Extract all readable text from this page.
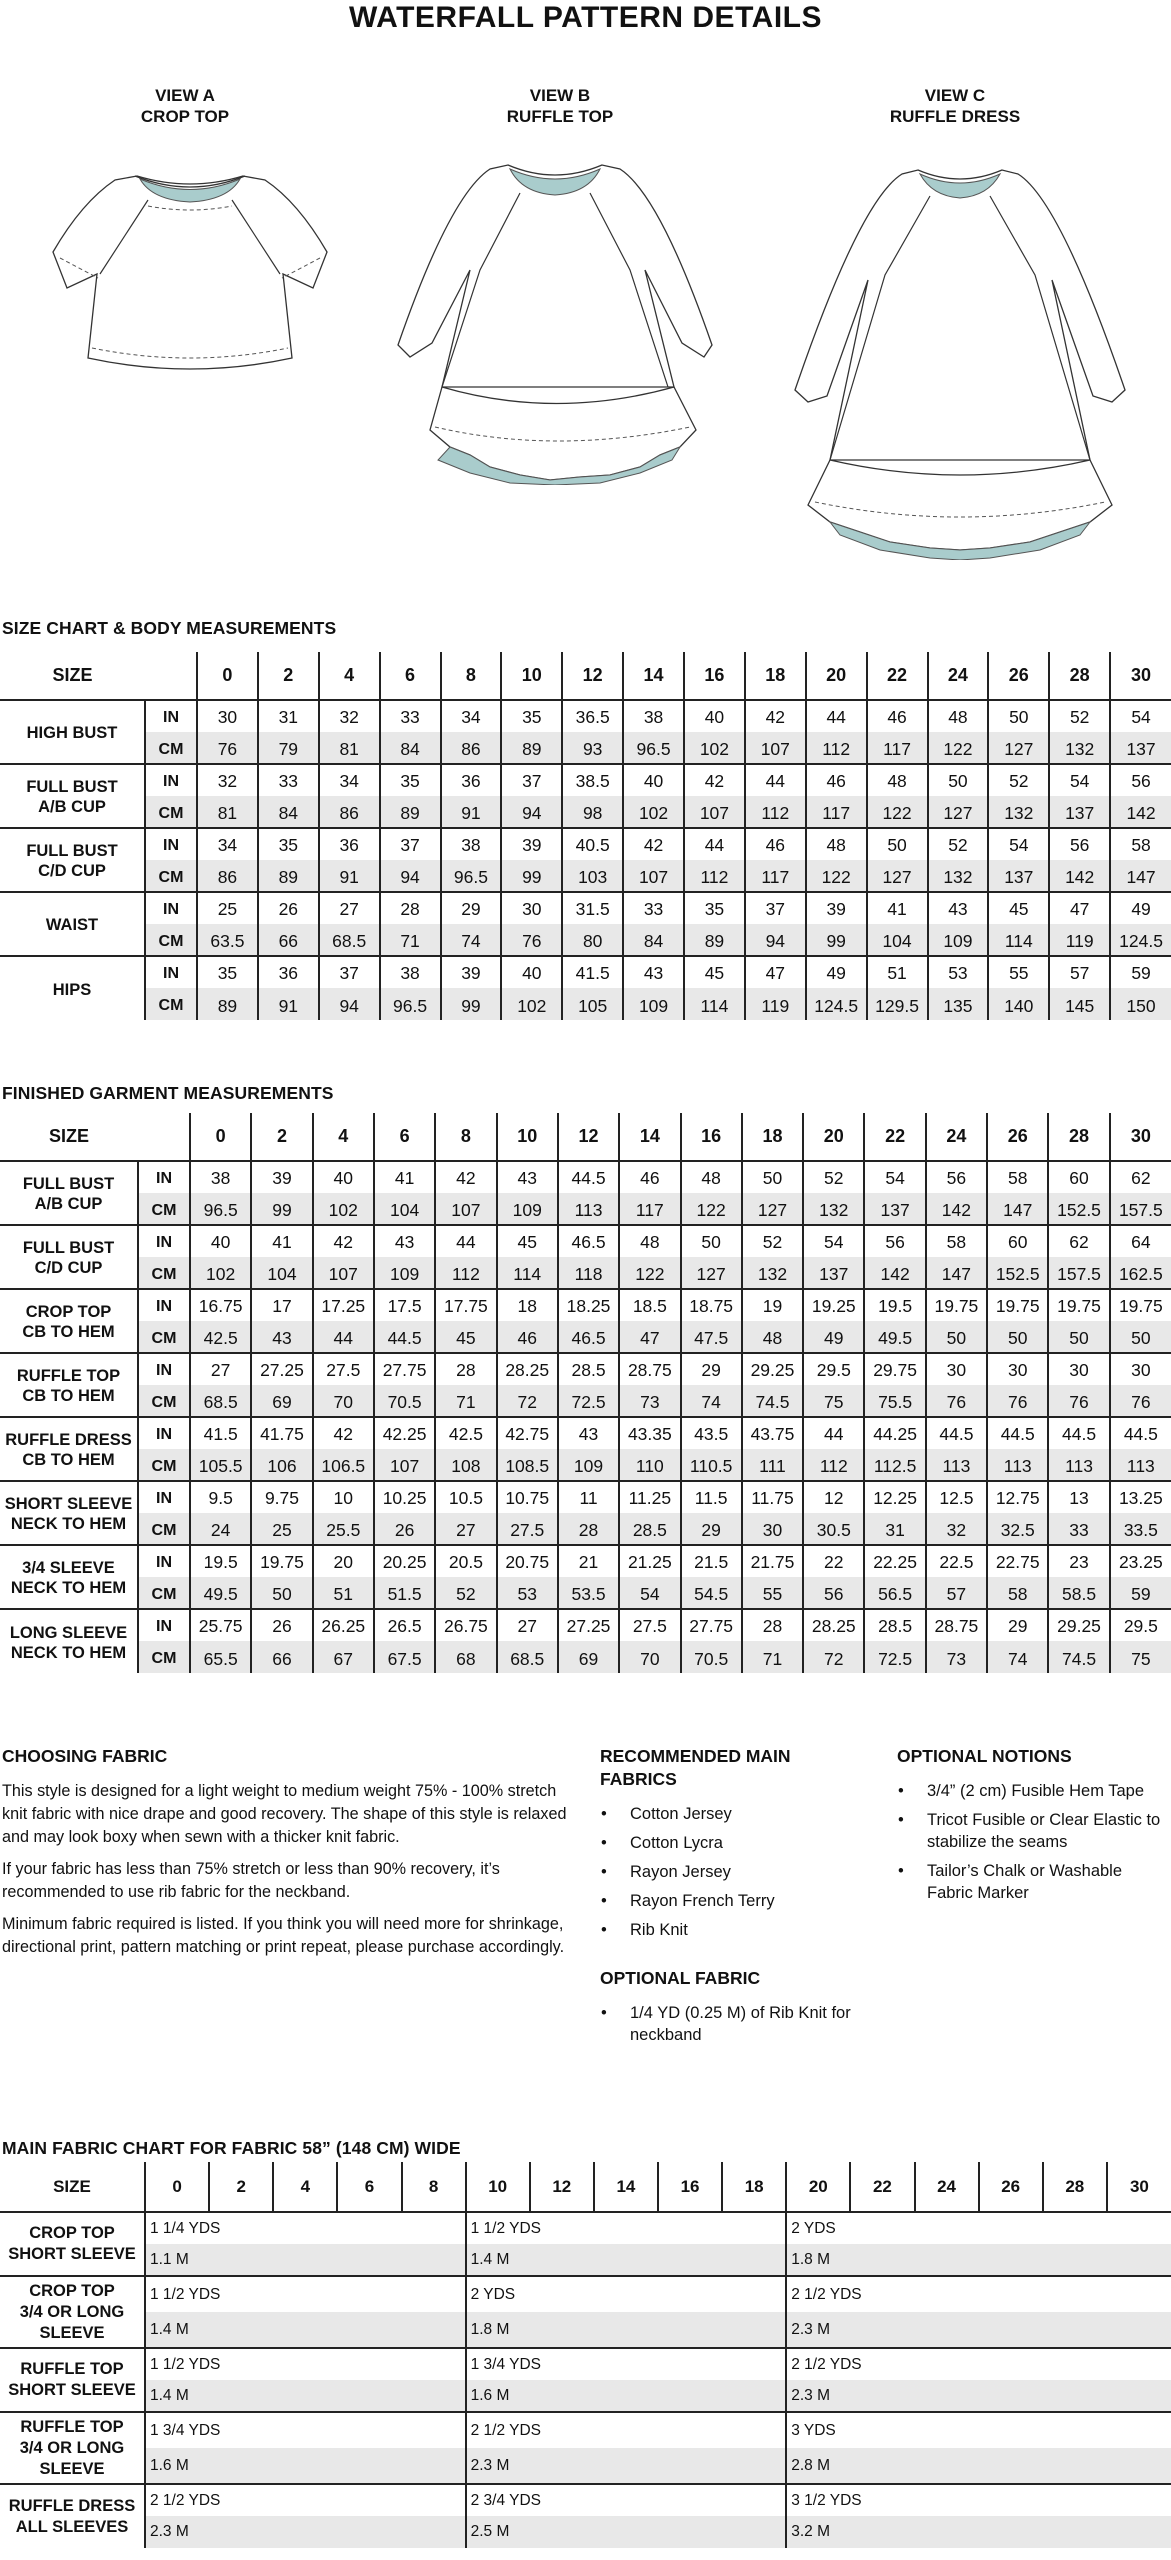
WATERFALL PATTERN DETAILS
VIEW A
CROP TOP
VIEW B
RUFFLE TOP
VIEW C
RUFFLE DRESS
SIZE CHART & BODY MEASUREMENTS
SIZE		0	2	4	6	8	10	12	14	16	18	20	22	24	26	28	30
HIGH BUST	IN	30	31	32	33	34	35	36.5	38	40	42	44	46	48	50	52	54
	CM	76	79	81	84	86	89	93	96.5	102	107	112	117	122	127	132	137
FULL BUST
A/B CUP	IN	32	33	34	35	36	37	38.5	40	42	44	46	48	50	52	54	56
	CM	81	84	86	89	91	94	98	102	107	112	117	122	127	132	137	142
FULL BUST
C/D CUP	IN	34	35	36	37	38	39	40.5	42	44	46	48	50	52	54	56	58
	CM	86	89	91	94	96.5	99	103	107	112	117	122	127	132	137	142	147
WAIST	IN	25	26	27	28	29	30	31.5	33	35	37	39	41	43	45	47	49
	CM	63.5	66	68.5	71	74	76	80	84	89	94	99	104	109	114	119	124.5
HIPS	IN	35	36	37	38	39	40	41.5	43	45	47	49	51	53	55	57	59
	CM	89	91	94	96.5	99	102	105	109	114	119	124.5	129.5	135	140	145	150
FINISHED GARMENT MEASUREMENTS
SIZE		0	2	4	6	8	10	12	14	16	18	20	22	24	26	28	30
FULL BUST
A/B CUP	IN	38	39	40	41	42	43	44.5	46	48	50	52	54	56	58	60	62
	CM	96.5	99	102	104	107	109	113	117	122	127	132	137	142	147	152.5	157.5
FULL BUST
C/D CUP	IN	40	41	42	43	44	45	46.5	48	50	52	54	56	58	60	62	64
	CM	102	104	107	109	112	114	118	122	127	132	137	142	147	152.5	157.5	162.5
CROP TOP
CB TO HEM	IN	16.75	17	17.25	17.5	17.75	18	18.25	18.5	18.75	19	19.25	19.5	19.75	19.75	19.75	19.75
	CM	42.5	43	44	44.5	45	46	46.5	47	47.5	48	49	49.5	50	50	50	50
RUFFLE TOP
CB TO HEM	IN	27	27.25	27.5	27.75	28	28.25	28.5	28.75	29	29.25	29.5	29.75	30	30	30	30
	CM	68.5	69	70	70.5	71	72	72.5	73	74	74.5	75	75.5	76	76	76	76
RUFFLE DRESS
CB TO HEM	IN	41.5	41.75	42	42.25	42.5	42.75	43	43.35	43.5	43.75	44	44.25	44.5	44.5	44.5	44.5
	CM	105.5	106	106.5	107	108	108.5	109	110	110.5	111	112	112.5	113	113	113	113
SHORT SLEEVE
NECK TO HEM	IN	9.5	9.75	10	10.25	10.5	10.75	11	11.25	11.5	11.75	12	12.25	12.5	12.75	13	13.25
	CM	24	25	25.5	26	27	27.5	28	28.5	29	30	30.5	31	32	32.5	33	33.5
3/4 SLEEVE
NECK TO HEM	IN	19.5	19.75	20	20.25	20.5	20.75	21	21.25	21.5	21.75	22	22.25	22.5	22.75	23	23.25
	CM	49.5	50	51	51.5	52	53	53.5	54	54.5	55	56	56.5	57	58	58.5	59
LONG SLEEVE
NECK TO HEM	IN	25.75	26	26.25	26.5	26.75	27	27.25	27.5	27.75	28	28.25	28.5	28.75	29	29.25	29.5
	CM	65.5	66	67	67.5	68	68.5	69	70	70.5	71	72	72.5	73	74	74.5	75
CHOOSING FABRIC

This style is designed for a light weight to medium weight 75% - 100% stretch knit fabric with nice drape and good recovery. The shape of this style is relaxed and may look boxy when sewn with a thicker knit fabric.

If your fabric has less than 75% stretch or less than 90% recovery, it’s recommended to use rib fabric for the neckband.

Minimum fabric required is listed. If you think you will need more for shrinkage, directional print, pattern matching or print repeat, please purchase accordingly.

RECOMMENDED MAIN FABRICS
• Cotton Jersey
• Cotton Lycra
• Rayon Jersey
• Rayon French Terry
• Rib Knit
OPTIONAL FABRIC
• 1/4 YD (0.25 M) of Rib Knit for neckband
OPTIONAL NOTIONS
• 3/4” (2 cm) Fusible Hem Tape
• Tricot Fusible or Clear Elastic to stabilize the seams
• Tailor’s Chalk or Washable Fabric Marker
MAIN FABRIC CHART FOR FABRIC 58” (148 CM) WIDE
SIZE	0	2	4	6	8	10	12	14	16	18	20	22	24	26	28	30
CROP TOP
SHORT SLEEVE	1 1/4 YDS					1 1/2 YDS					2 YDS					
	1.1 M					1.4 M					1.8 M					
CROP TOP
3/4 OR LONG
SLEEVE	1 1/2 YDS					2 YDS					2 1/2 YDS					
	1.4 M					1.8 M					2.3 M					
RUFFLE TOP
SHORT SLEEVE	1 1/2 YDS					1 3/4 YDS					2 1/2 YDS					
	1.4 M					1.6 M					2.3 M					
RUFFLE TOP
3/4 OR LONG
SLEEVE	1 3/4 YDS					2 1/2 YDS					3 YDS					
	1.6 M					2.3 M					2.8 M					
RUFFLE DRESS
ALL SLEEVES	2 1/2 YDS					2 3/4 YDS					3 1/2 YDS					
	2.3 M					2.5 M					3.2 M					
